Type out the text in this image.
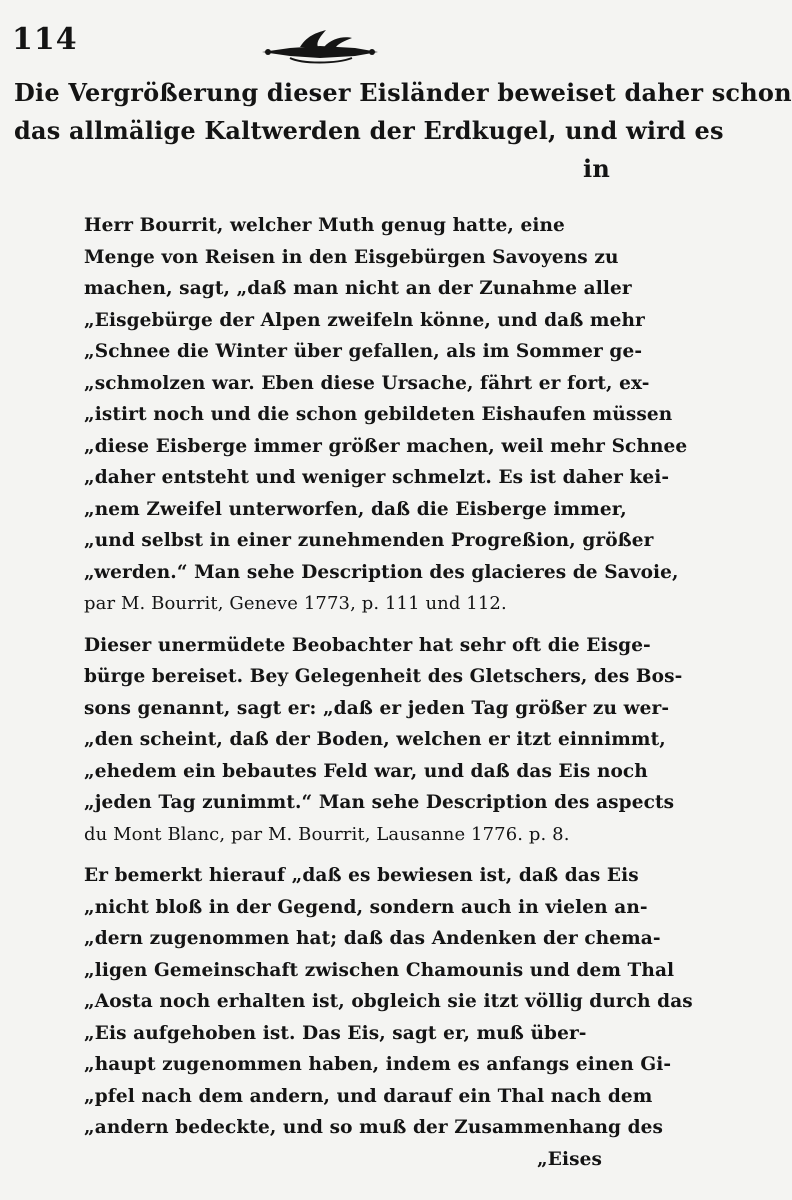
114
Die Vergrößerung dieser Eisländer beweiset daher schon
das allmälige Kaltwerden der Erdkugel, und wird es
in
Herr Bourrit, welcher Muth genug hatte, eine
Menge von Reisen in den Eisgebürgen Savoyens zu
machen, sagt, „daß man nicht an der Zunahme aller
„Eisgebürge der Alpen zweifeln könne, und daß mehr
„Schnee die Winter über gefallen, als im Sommer ge-
„schmolzen war. Eben diese Ursache, fährt er fort, ex-
„istirt noch und die schon gebildeten Eishaufen müssen
„diese Eisberge immer größer machen, weil mehr Schnee
„daher entsteht und weniger schmelzt. Es ist daher kei-
„nem Zweifel unterworfen, daß die Eisberge immer,
„und selbst in einer zunehmenden Progreßion, größer
„werden.“ Man sehe Description des glacieres de Savoie,
par M. Bourrit, Geneve 1773, p. 111 und 112.
Dieser unermüdete Beobachter hat sehr oft die Eisge-
bürge bereiset. Bey Gelegenheit des Gletschers, des Bos-
sons genannt, sagt er: „daß er jeden Tag größer zu wer-
„den scheint, daß der Boden, welchen er itzt einnimmt,
„ehedem ein bebautes Feld war, und daß das Eis noch
„jeden Tag zunimmt.“ Man sehe Description des aspects
du Mont Blanc, par M. Bourrit, Lausanne 1776. p. 8.
Er bemerkt hierauf „daß es bewiesen ist, daß das Eis
„nicht bloß in der Gegend, sondern auch in vielen an-
„dern zugenommen hat; daß das Andenken der chema-
„ligen Gemeinschaft zwischen Chamounis und dem Thal
„Aosta noch erhalten ist, obgleich sie itzt völlig durch das
„Eis aufgehoben ist. Das Eis, sagt er, muß über-
„haupt zugenommen haben, indem es anfangs einen Gi-
„pfel nach dem andern, und darauf ein Thal nach dem
„andern bedeckte, und so muß der Zusammenhang des
„Eises
